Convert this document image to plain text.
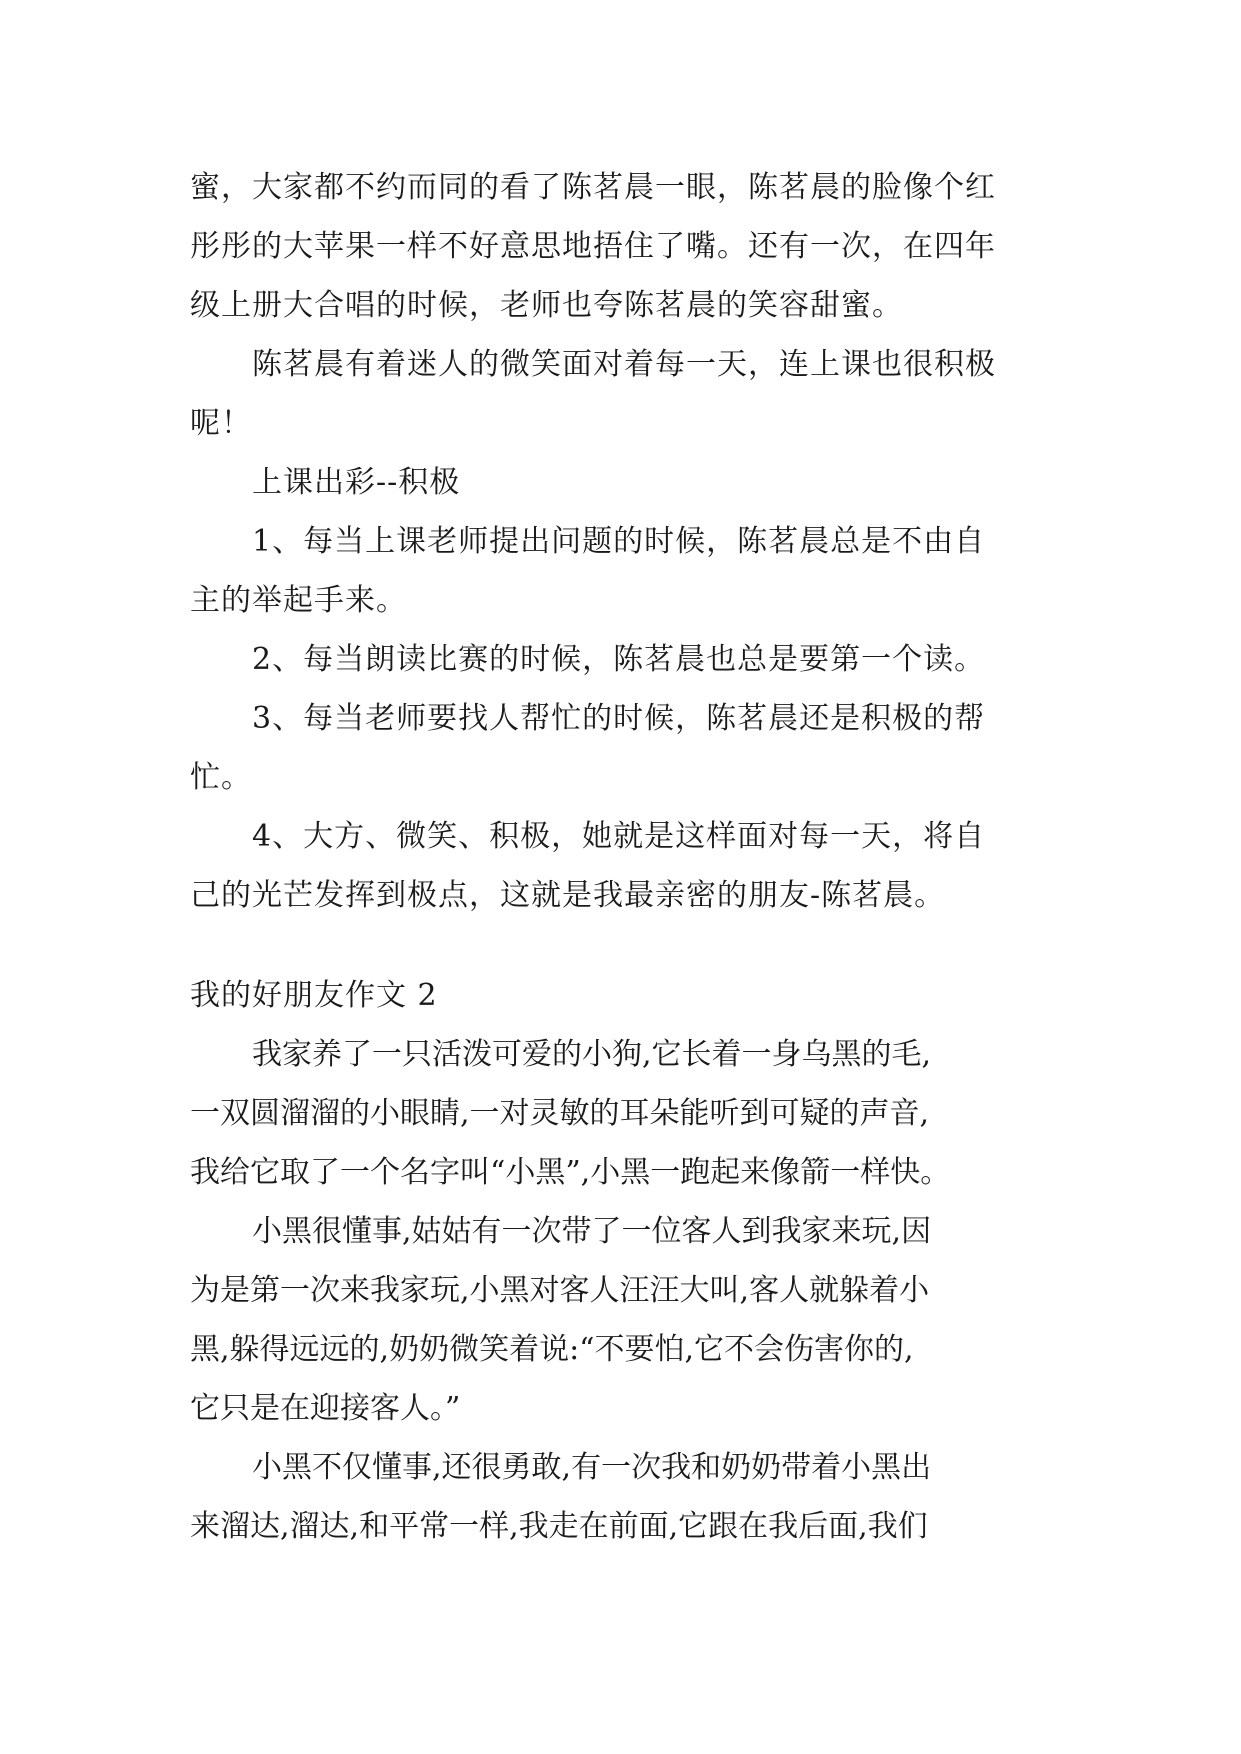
蜜，大家都不约而同的看了陈茗晨一眼，陈茗晨的脸像个红
彤彤的大苹果一样不好意思地捂住了嘴。还有一次，在四年
级上册大合唱的时候，老师也夸陈茗晨的笑容甜蜜。
陈茗晨有着迷人的微笑面对着每一天，连上课也很积极
呢！
上课出彩--积极
1、每当上课老师提出问题的时候，陈茗晨总是不由自
主的举起手来。
2、每当朗读比赛的时候，陈茗晨也总是要第一个读。
3、每当老师要找人帮忙的时候，陈茗晨还是积极的帮
忙。
4、大方、微笑、积极，她就是这样面对每一天，将自
己的光芒发挥到极点，这就是我最亲密的朋友-陈茗晨。
我的好朋友作文 2
我家养了一只活泼可爱的小狗,它长着一身乌黑的毛,
一双圆溜溜的小眼睛,一对灵敏的耳朵能听到可疑的声音,
我给它取了一个名字叫“小黑”,小黑一跑起来像箭一样快。
小黑很懂事,姑姑有一次带了一位客人到我家来玩,因
为是第一次来我家玩,小黑对客人汪汪大叫,客人就躲着小
黑,躲得远远的,奶奶微笑着说:“不要怕,它不会伤害你的,
它只是在迎接客人。”
小黑不仅懂事,还很勇敢,有一次我和奶奶带着小黑出
来溜达,溜达,和平常一样,我走在前面,它跟在我后面,我们
